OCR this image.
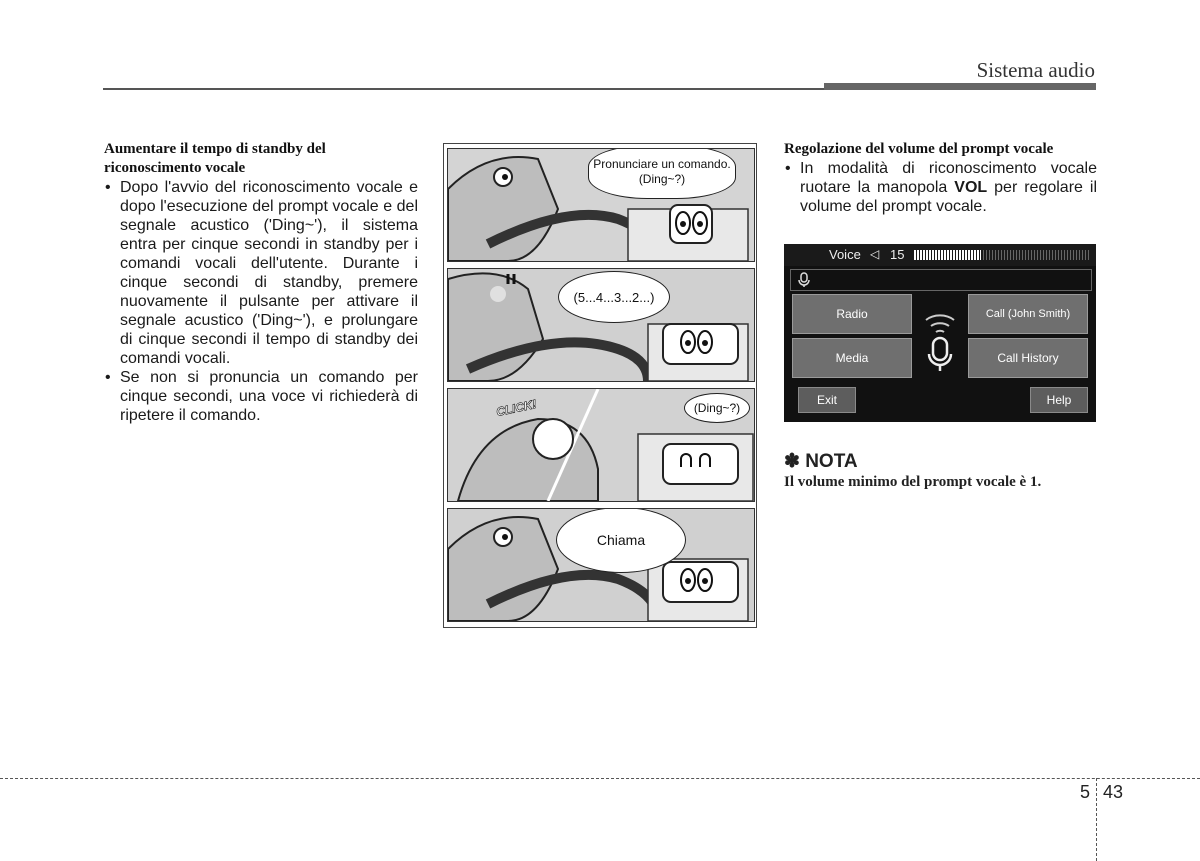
Sistema audio
Aumentare il tempo di standby del riconoscimento vocale
• Dopo l'avvio del riconoscimento vocale e dopo l'esecuzione del prompt vocale e del segnale acustico ('Ding~'), il sistema entra per cinque secondi in standby per i comandi vocali dell'utente. Durante i cinque secondi di standby, premere nuovamente il pulsante per attivare il segnale acustico ('Ding~'), e prolungare di cinque secondi il tempo di standby dei comandi vocali.
• Se non si pronuncia un comando per cinque secondi, una voce vi richiederà di ripetere il comando.
Pronunciare un comando. (Ding~?)
(5...4...3...2...)
CLICK!	(Ding~?)
Chiama
Regolazione del volume del prompt vocale
• In modalità di riconoscimento vocale ruotare la manopola VOL per regolare il volume del prompt vocale.
Voice ◁ 15
Radio
Media
Call (John Smith)
Call History
Exit	Help
✽ NOTA
Il volume minimo del prompt vocale è 1.
5 43
